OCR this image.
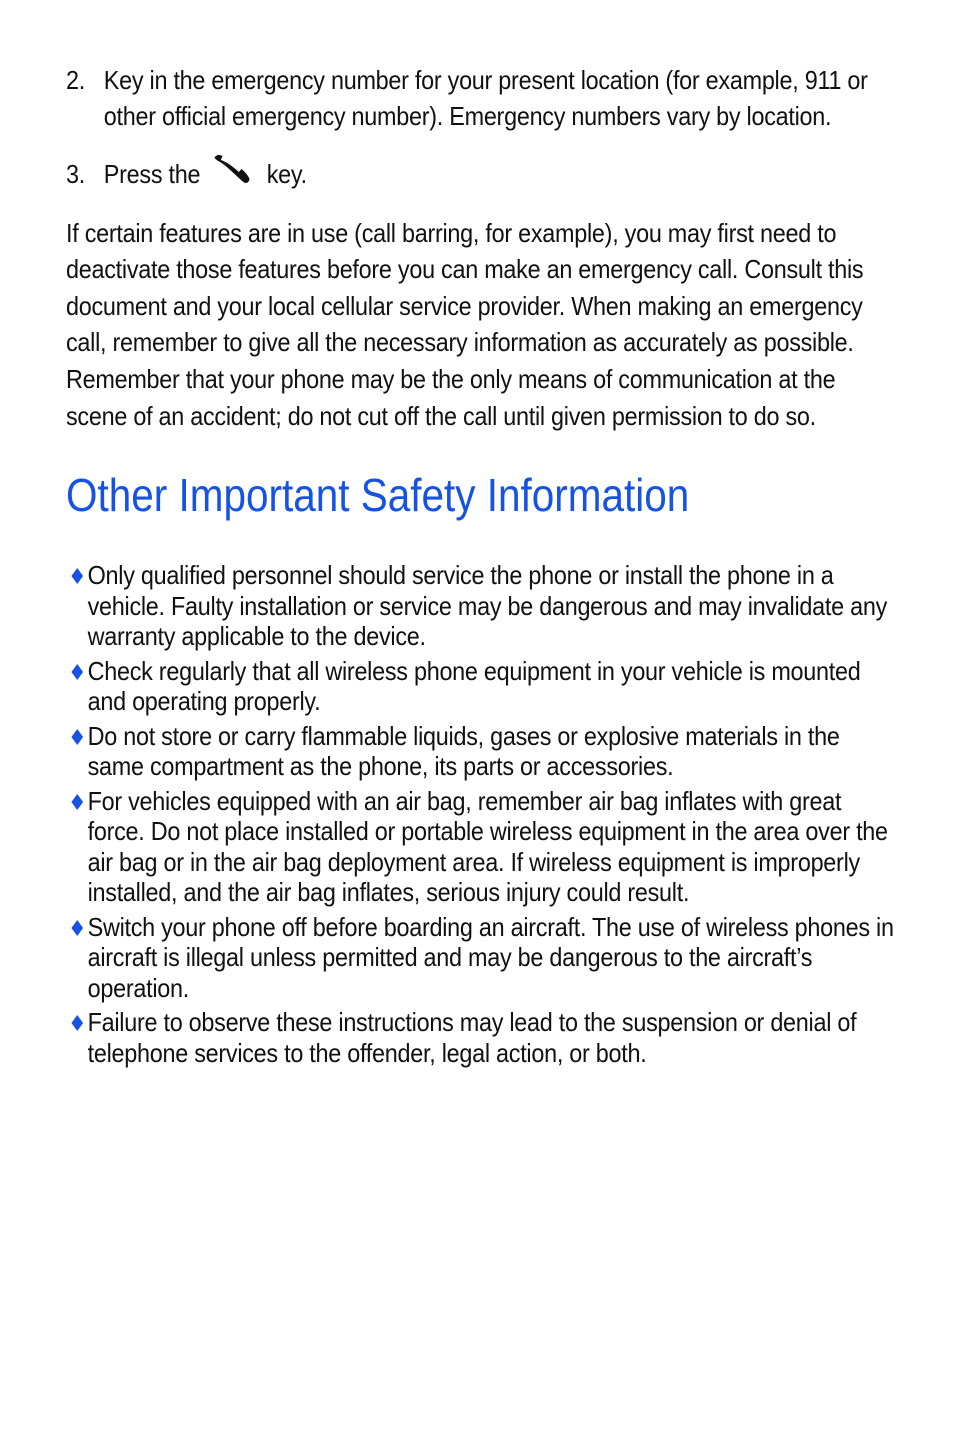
2. Key in the emergency number for your present location (for example, 911 or other official emergency number). Emergency numbers vary by location.
3. Press the	key.
If certain features are in use (call barring, for example), you may first need to deactivate those features before you can make an emergency call. Consult this document and your local cellular service provider. When making an emergency call, remember to give all the necessary information as accurately as possible. Remember that your phone may be the only means of communication at the scene of an accident; do not cut off the call until given permission to do so.
Other Important Safety Information
Only qualified personnel should service the phone or install the phone in a vehicle. Faulty installation or service may be dangerous and may invalidate any warranty applicable to the device.
Check regularly that all wireless phone equipment in your vehicle is mounted and operating properly.
Do not store or carry flammable liquids, gases or explosive materials in the same compartment as the phone, its parts or accessories.
For vehicles equipped with an air bag, remember air bag inflates with great force. Do not place installed or portable wireless equipment in the area over the air bag or in the air bag deployment area. If wireless equipment is improperly installed, and the air bag inflates, serious injury could result.
Switch your phone off before boarding an aircraft. The use of wireless phones in aircraft is illegal unless permitted and may be dangerous to the aircraft’s operation.
Failure to observe these instructions may lead to the suspension or denial of telephone services to the offender, legal action, or both.
